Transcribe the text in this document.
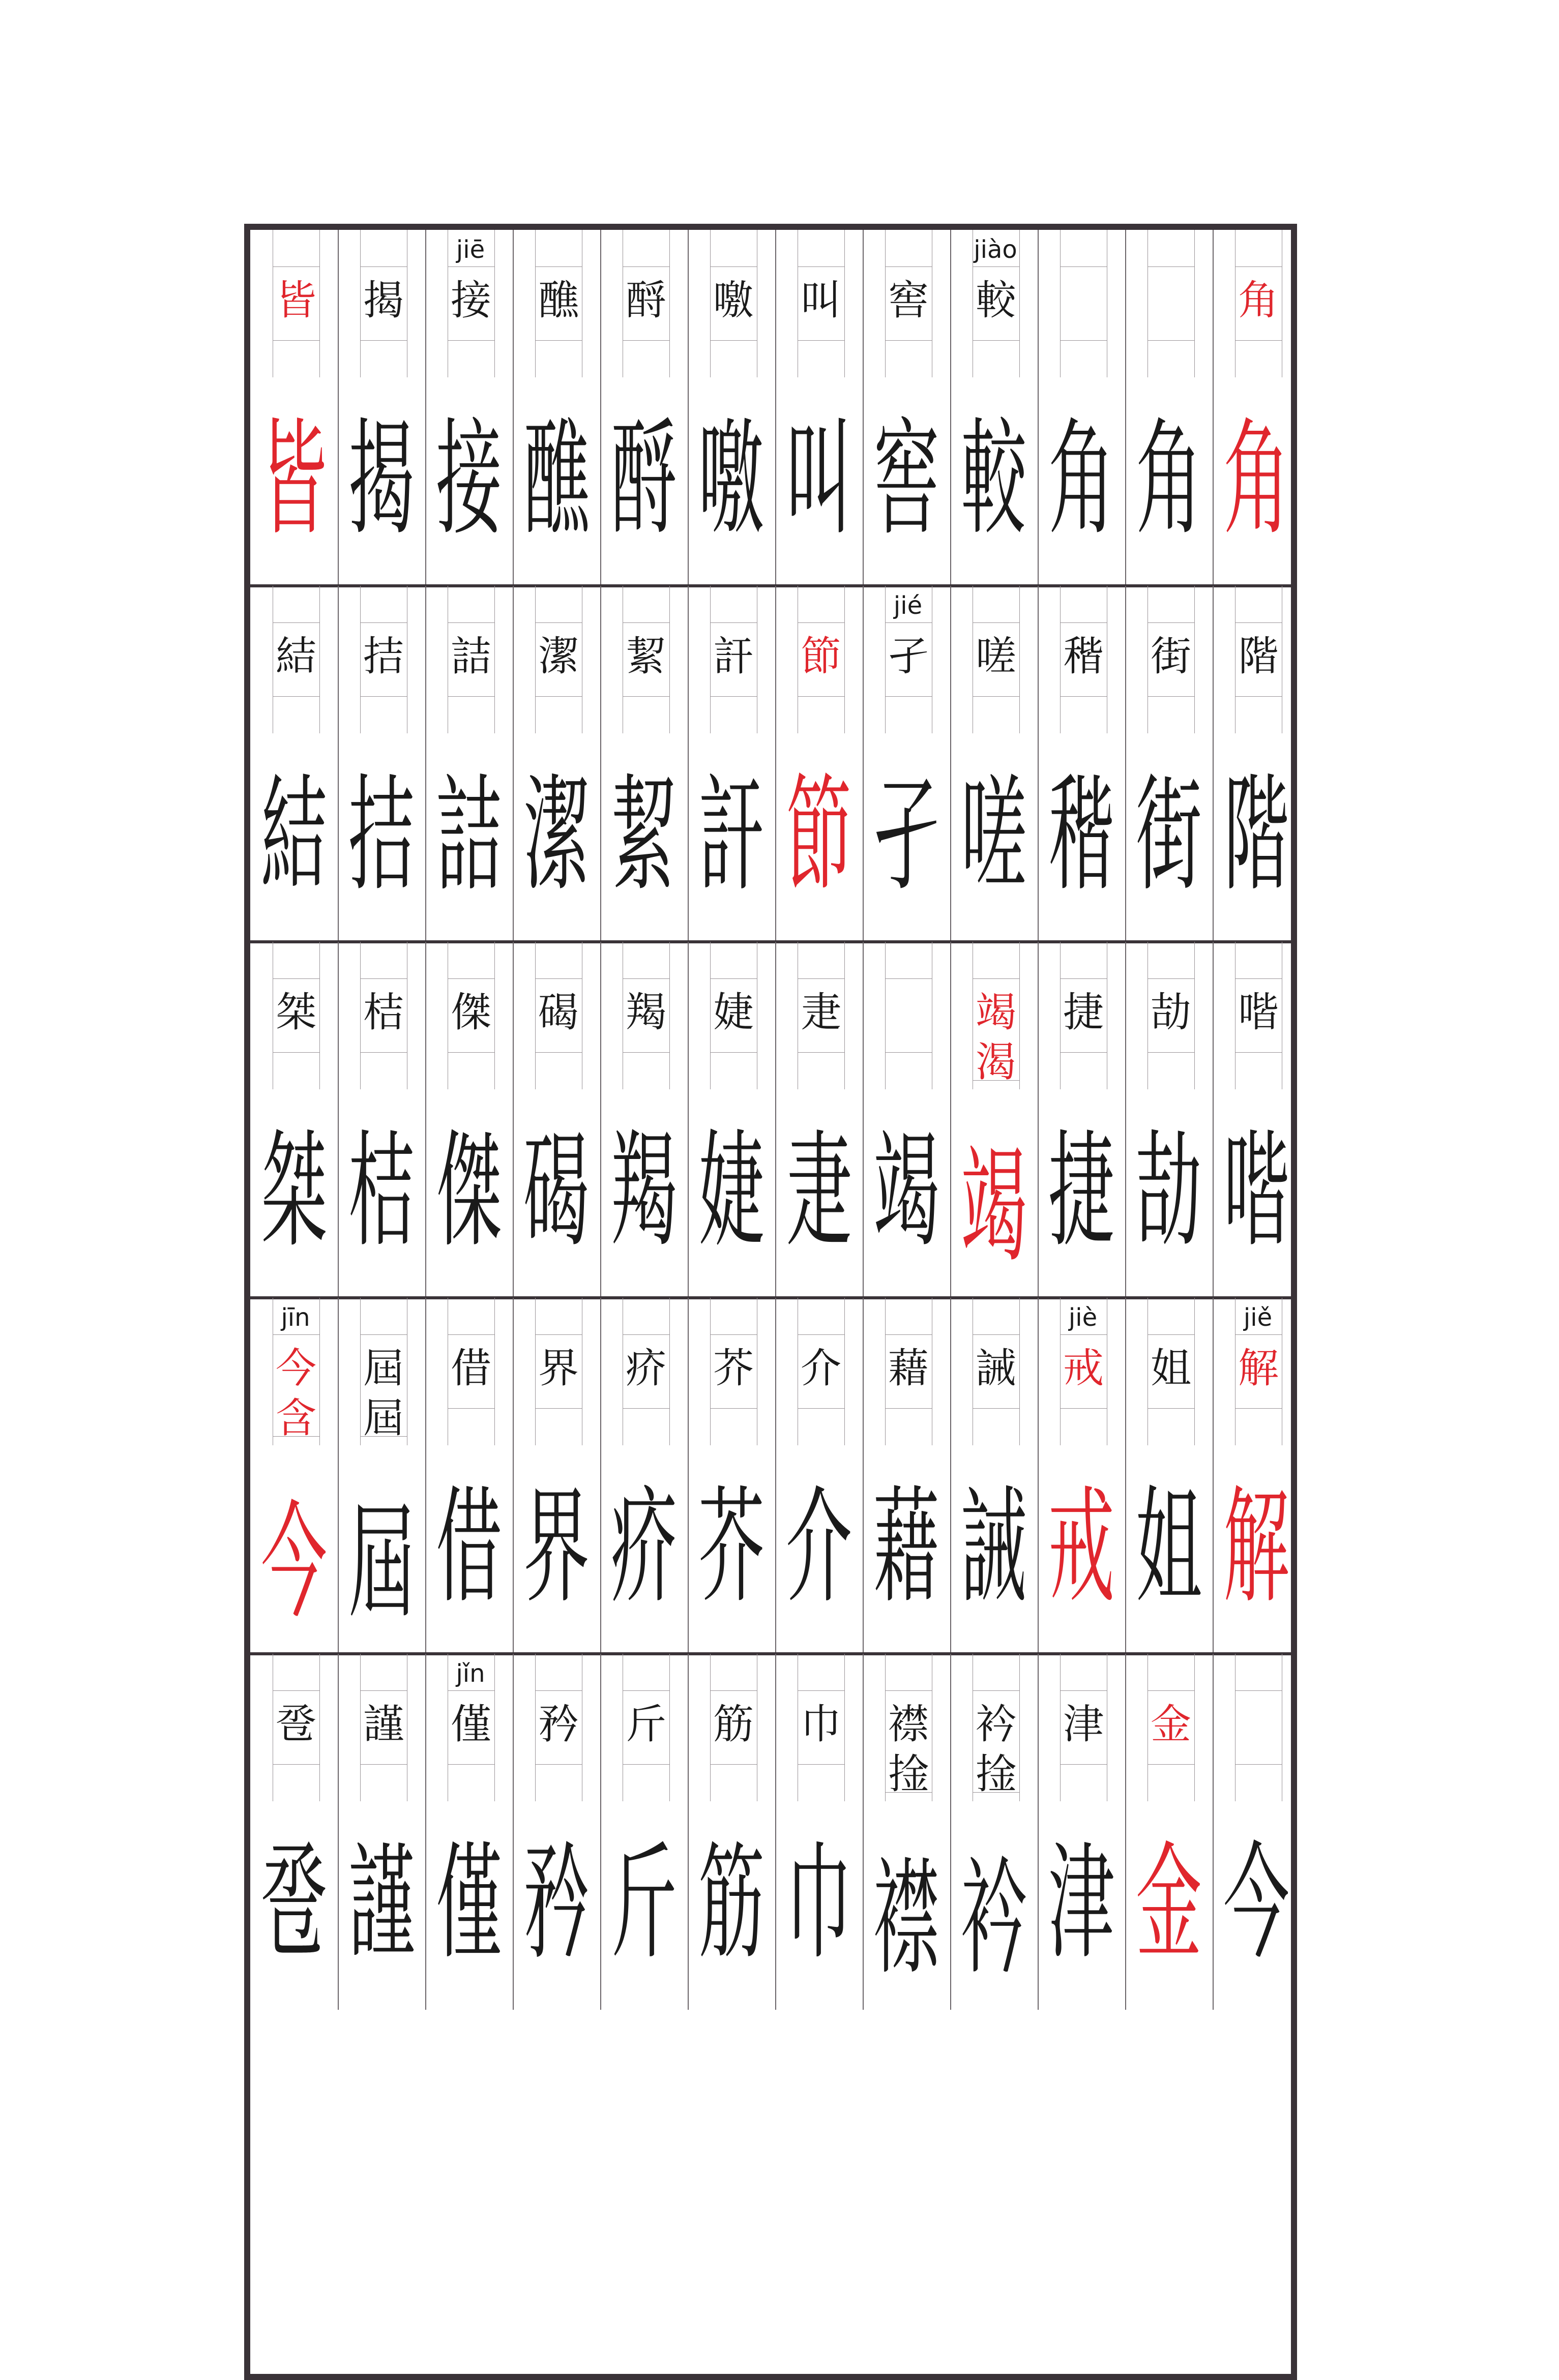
皆
皆
揭
揭
jiē
接
接
醮
醮
酹
酹
噭
噭
叫
叫
窖
窖
jiào
較
較 角 角
角
角
結
結
拮
拮
詰
詰
潔
潔
絜
絜
訐
訐
節
節
jié
孑
孑
嗟
嗟
稭
稭
街
街
階
階
桀
桀
桔
桔
傑
傑
碣
碣
羯
羯
婕
婕
疌
疌 竭
竭
渴
竭
捷
捷
劼
劼
喈
喈
jīn
今
含
今
屆
屆
屆
借
借
界
界
疥
疥
芥
芥
介
介
藉
藉
誡
誡
jiè
戒
戒
姐
姐
jiě
解
解
卺
卺
謹
謹
jǐn
僅
僅
矜
矜
斤
斤
筋
筋
巾
巾
襟
捦
襟
衿
捦
衿
津
津
金
金 今
